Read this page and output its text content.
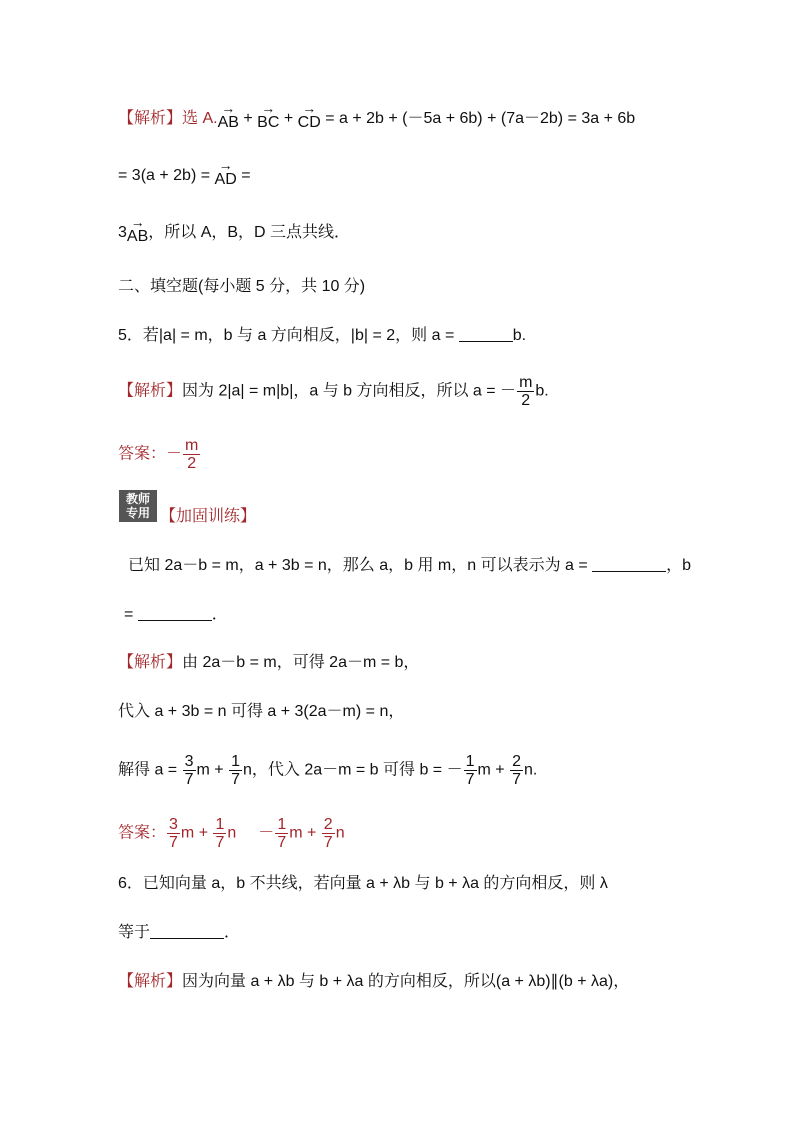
【解析】选 A.
→
AB +
→
BC +
→
CD = a + 2b + (－5a + 6b) + (7a－2b) = 3a + 6b
= 3(a + 2b) =
→
AD =
3
→
AB，所以 A，B，D 三点共线．
二、填空题(每小题 5 分，共 10 分)
5．若|a| = m，b 与 a 方向相反，|b| = 2，则 a =	b.
【解析】因为 2|a| = m|b|，a 与 b 方向相反，所以 a = － $\frac{m}{2} b$.
答案：－ $\frac{m}{2}$
教师
专用 【加固训练】
已知 2a－b = m，a + 3b = n，那么 a，b 用 m，n 可以表示为 a =	，b
=	．
【解析】由 2a－b = m，可得 2a－m = b，
代入 a + 3b = n 可得 a + 3(2a－m) = n，
解得 $a = \frac{3}{7}$ $m + \frac{1}{7}$ n，代入 2a－m = b 可得 b = － $\frac{1}{7}$ $m + \frac{2}{7} n$.
答案： $\frac{3}{7}$ $m + \frac{1}{7}$ $n - \frac{1}{7}$ $m + \frac{2}{7}$ n
6．已知向量 a，b 不共线，若向量 a + λb 与 b + λa 的方向相反，则 λ
等于	．
【解析】因为向量 a + λb 与 b + λa 的方向相反，所以(a + λb)∥(b + λa)，
